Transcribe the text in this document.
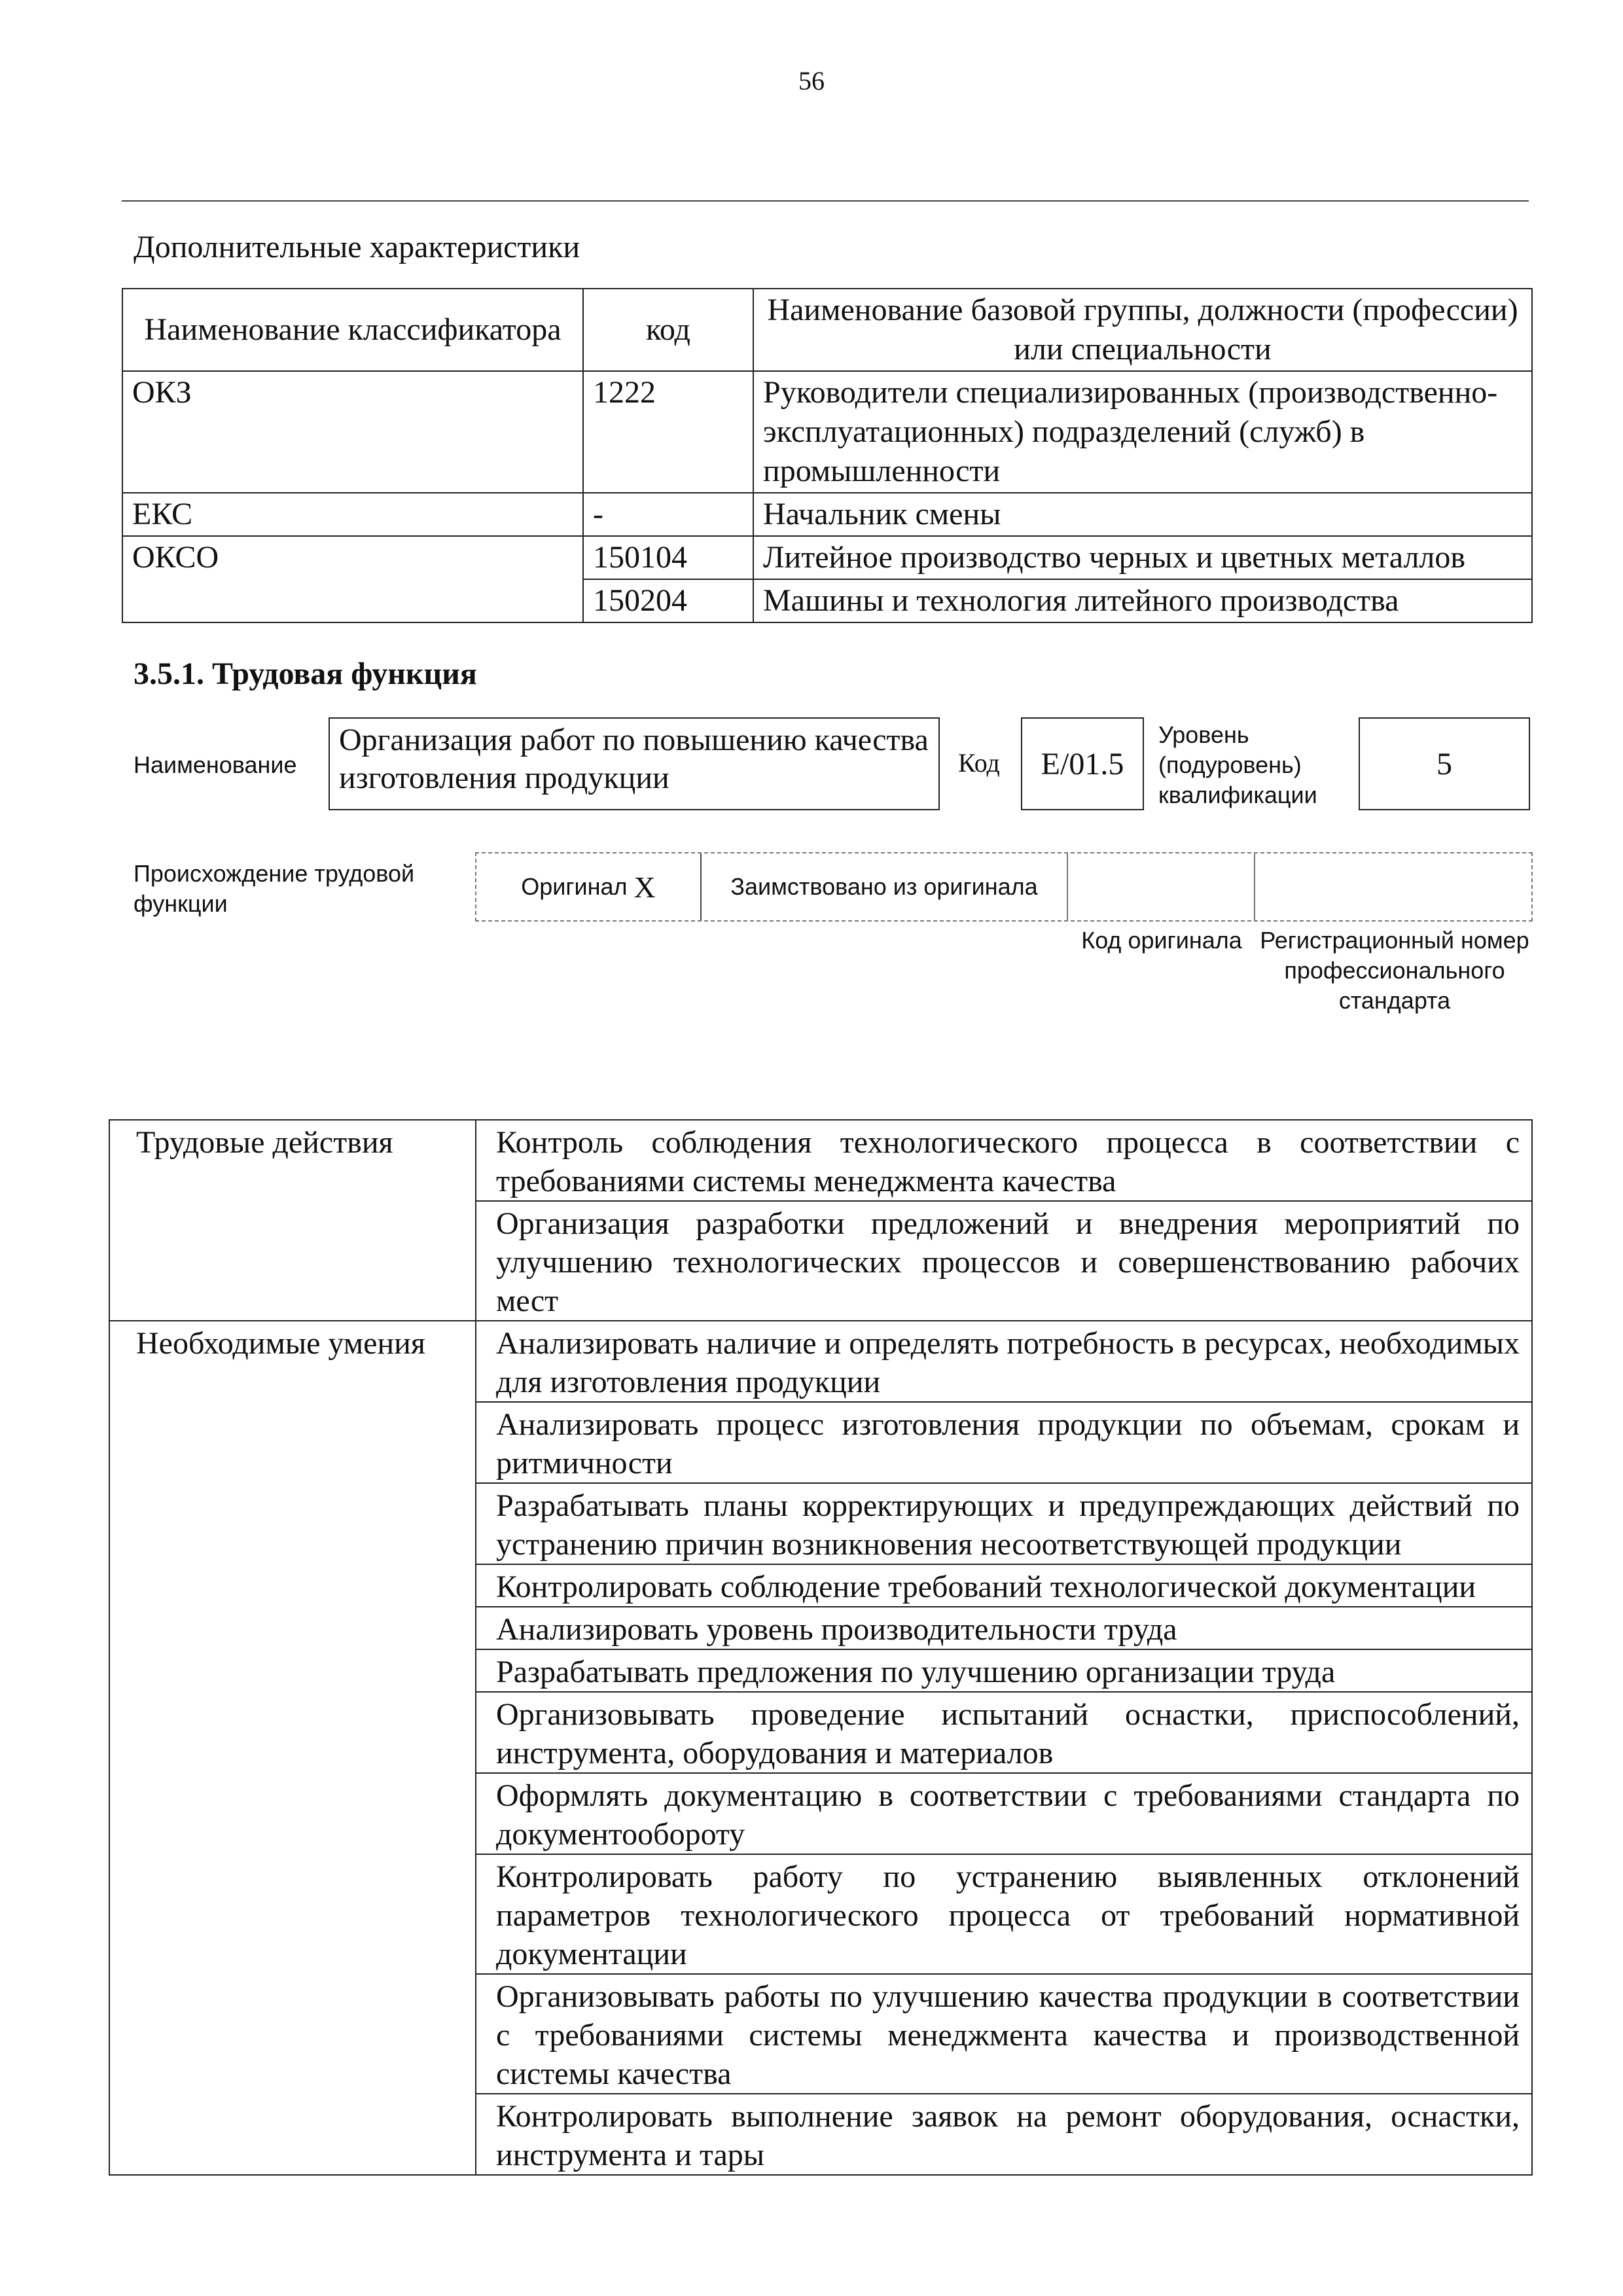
56
Дополнительные характеристики
Наименование классификатора	код	Наименование базовой группы, должности (профессии) или специальности
ОКЗ	1222	Руководители специализированных (производственно-эксплуатационных) подразделений (служб) в промышленности
ЕКС	-	Начальник смены
ОКСО	150104	Литейное производство черных и цветных металлов
	150204	Машины и технология литейного производства
3.5.1. Трудовая функция
Наименование
Организация работ по повышению качества изготовления продукции	Код	E/01.5
Уровень (подуровень) квалификации
5
Происхождение трудовой функции
Оригинал X	Заимствовано из оригинала
Код оригинала Регистрационный номер профессионального стандарта
Трудовые действия	Контроль соблюдения технологического процесса в соответствии с требованиями системы менеджмента качества
	Организация разработки предложений и внедрения мероприятий по улучшению технологических процессов и совершенствованию рабочих мест
Необходимые умения	Анализировать наличие и определять потребность в ресурсах, необходимых для изготовления продукции
	Анализировать процесс изготовления продукции по объемам, срокам и ритмичности
	Разрабатывать планы корректирующих и предупреждающих действий по устранению причин возникновения несоответствующей продукции
	Контролировать соблюдение требований технологической документации
	Анализировать уровень производительности труда
	Разрабатывать предложения по улучшению организации труда
	Организовывать проведение испытаний оснастки, приспособлений, инструмента, оборудования и материалов
	Оформлять документацию в соответствии с требованиями стандарта по документообороту
	Контролировать работу по устранению выявленных отклонений параметров технологического процесса от требований нормативной документации
	Организовывать работы по улучшению качества продукции в соответствии с требованиями системы менеджмента качества и производственной системы качества
	Контролировать выполнение заявок на ремонт оборудования, оснастки, инструмента и тары
